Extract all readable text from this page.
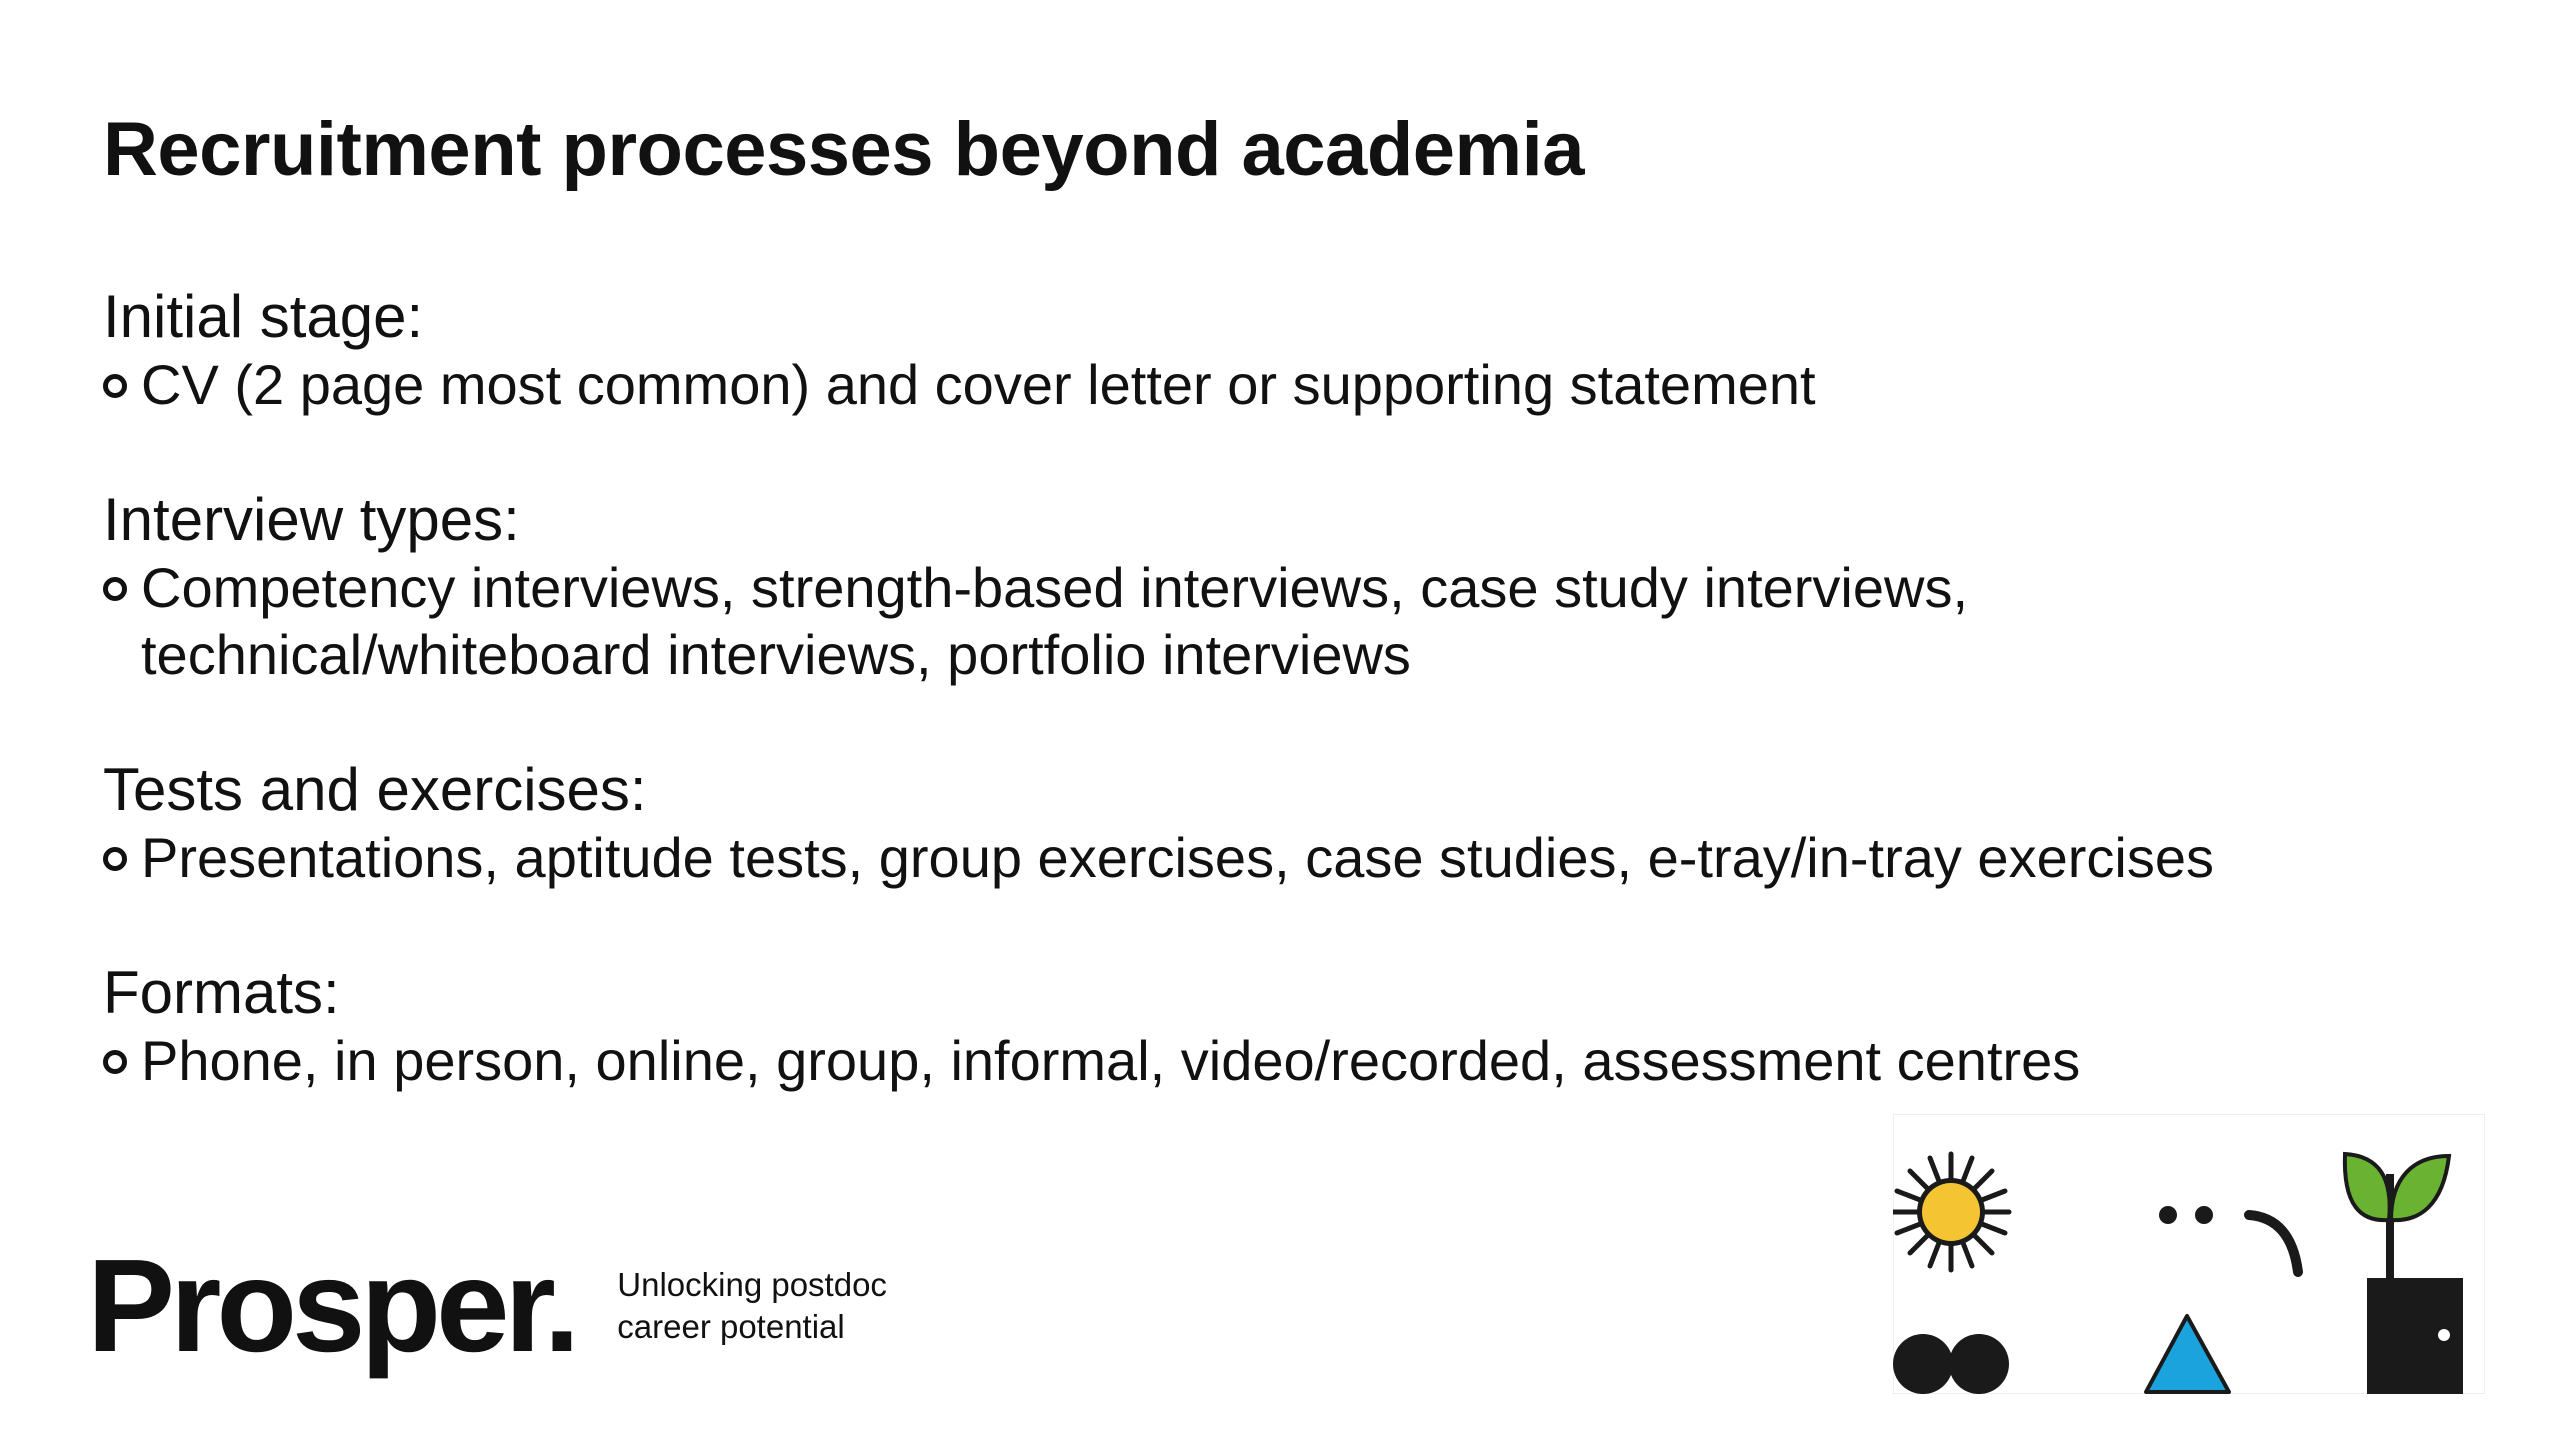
Recruitment processes beyond academia

Initial stage:

CV (2 page most common) and cover letter or supporting statement

Interview types:

Competency interviews, strength-based interviews, case study interviews,
technical/whiteboard interviews, portfolio interviews

Tests and exercises:

Presentations, aptitude tests, group exercises, case studies, e-tray/in-tray exercises

Formats:

Phone, in person, online, group, informal, video/recorded, assessment centres
Prosper. Unlocking postdoc
career potential
